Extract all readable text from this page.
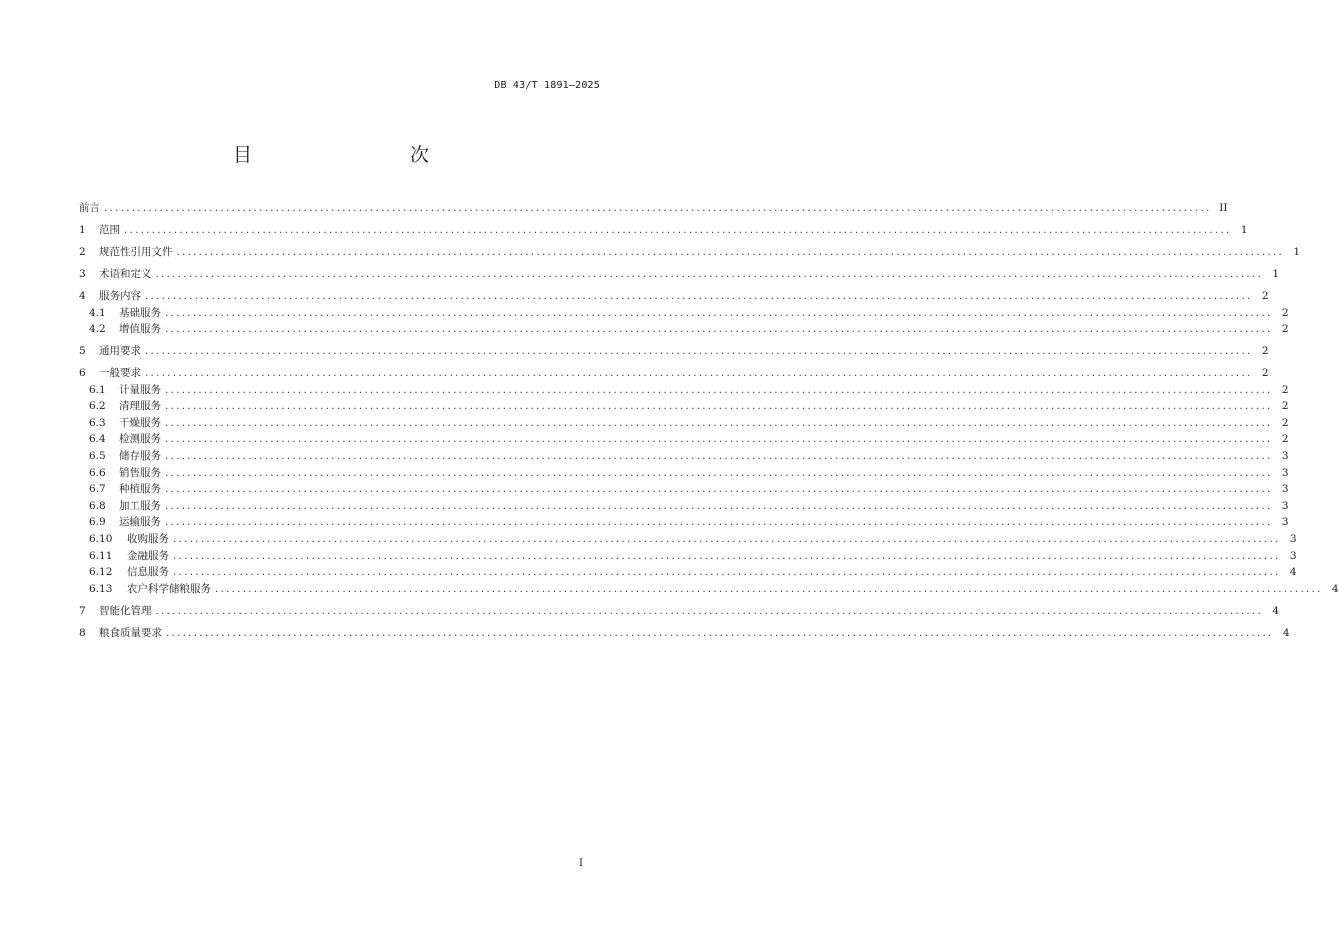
DB 43/T 1891—2025
目　　次
前言 ........................................................................................................................................................................................................ II
1	范围 ........................................................................................................................................................................................................ 1
2	规范性引用文件 ........................................................................................................................................................................................................ 1
3	术语和定义 ........................................................................................................................................................................................................ 1
4	服务内容 ........................................................................................................................................................................................................ 2
4.1	基础服务 ........................................................................................................................................................................................................ 2
4.2	增值服务 ........................................................................................................................................................................................................ 2
5	通用要求 ........................................................................................................................................................................................................ 2
6	一般要求 ........................................................................................................................................................................................................ 2
6.1	计量服务 ........................................................................................................................................................................................................ 2
6.2	清理服务 ........................................................................................................................................................................................................ 2
6.3	干燥服务 ........................................................................................................................................................................................................ 2
6.4	检测服务 ........................................................................................................................................................................................................ 2
6.5	储存服务 ........................................................................................................................................................................................................ 3
6.6	销售服务 ........................................................................................................................................................................................................ 3
6.7	种植服务 ........................................................................................................................................................................................................ 3
6.8	加工服务 ........................................................................................................................................................................................................ 3
6.9	运输服务 ........................................................................................................................................................................................................ 3
6.10	收购服务 ........................................................................................................................................................................................................ 3
6.11	金融服务 ........................................................................................................................................................................................................ 3
6.12	信息服务 ........................................................................................................................................................................................................ 4
6.13	农户科学储粮服务 ........................................................................................................................................................................................................ 4
7	智能化管理 ........................................................................................................................................................................................................ 4
8	粮食质量要求 ........................................................................................................................................................................................................ 4
I
